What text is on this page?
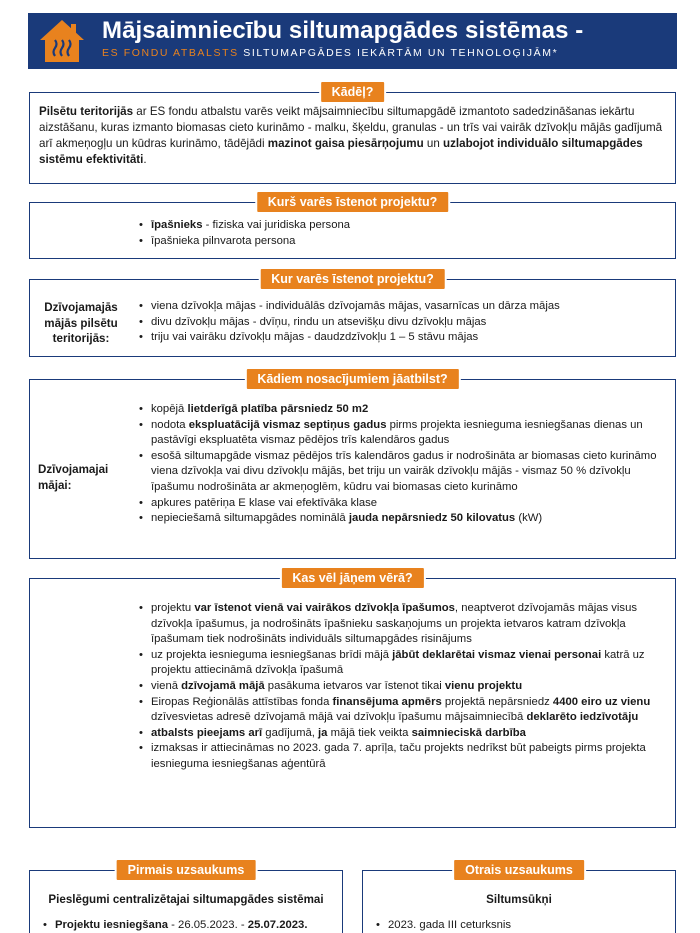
Mājsaimniecību siltumapgādes sistēmas -
ES FONDU ATBALSTS SILTUMAPGĀDES IEKĀRTĀM UN TEHNOLOĢIJĀM*
Kādēļ?
Pilsētu teritorijās ar ES fondu atbalstu varēs veikt mājsaimniecību siltumapgādē izmantoto sadedzināšanas iekārtu aizstāšanu, kuras izmanto biomasas cieto kurināmo - malku, šķeldu, granulas - un trīs vai vairāk dzīvokļu mājās gadījumā arī akmeņogļu un kūdras kurināmo, tādējādi mazinot gaisa piesārņojumu un uzlabojot individuālo siltumapgādes sistēmu efektivitāti.
Kurš varēs īstenot projektu?
• īpašnieks - fiziska vai juridiska persona
• īpašnieka pilnvarota persona
Kur varēs īstenot projektu?
Dzīvojamajās mājās pilsētu teritorijās:
• viena dzīvokļa mājas - individuālās dzīvojamās mājas, vasarnīcas un dārza mājas
• divu dzīvokļu mājas - dvīņu, rindu un atsevišķu divu dzīvokļu mājas
• triju vai vairāku dzīvokļu mājas - daudzdzīvokļu 1 – 5 stāvu mājas
Kādiem nosacījumiem jāatbilst?
Dzīvojamajai mājai:
• kopējā lietderīgā platība pārsniedz 50 m2
• nodota ekspluatācijā vismaz septiņus gadus pirms projekta iesnieguma iesniegšanas dienas un pastāvīgi ekspluatēta vismaz pēdējos trīs kalendāros gadus
• esošā siltumapgāde vismaz pēdējos trīs kalendāros gadus ir nodrošināta ar biomasas cieto kurināmo viena dzīvokļa vai divu dzīvokļu mājās, bet triju un vairāk dzīvokļu mājās - vismaz 50 % dzīvokļu īpašumu nodrošināta ar akmeņoglēm, kūdru vai biomasas cieto kurināmo
• apkures patēriņa E klase vai efektīvāka klase
• nepieciešamā siltumapgādes nominālā jauda nepārsniedz 50 kilovatus (kW)
Kas vēl jāņem vērā?
• projektu var īstenot vienā vai vairākos dzīvokļa īpašumos, neaptverot dzīvojamās mājas visus dzīvokļa īpašumus, ja nodrošināts īpašnieku saskaņojums un projekta ietvaros katram dzīvokļa īpašumam tiek nodrošināts individuāls siltumapgādes risinājums
• uz projekta iesnieguma iesniegšanas brīdi mājā jābūt deklarētai vismaz vienai personai katrā uz projektu attiecināmā dzīvokļa īpašumā
• vienā dzīvojamā mājā pasākuma ietvaros var īstenot tikai vienu projektu
• Eiropas Reģionālās attīstības fonda finansējuma apmērs projektā nepārsniedz 4400 eiro uz vienu dzīvesvietas adresē dzīvojamā mājā vai dzīvokļu īpašumu mājsaimniecībā deklarēto iedzīvotāju
• atbalsts pieejams arī gadījumā, ja mājā tiek veikta saimnieciskā darbība
• izmaksas ir attiecināmas no 2023. gada 7. aprīļa, taču projekts nedrīkst būt pabeigts pirms projekta iesnieguma iesniegšanas aģentūrā
Pirmais uzsaukums
Pieslēgumi centralizētajai siltumapgādes sistēmai
• Projektu iesniegšana - 26.05.2023. - 25.07.2023.
Otrais uzsaukums
Siltumsūkņi
• 2023. gada III ceturksnis
